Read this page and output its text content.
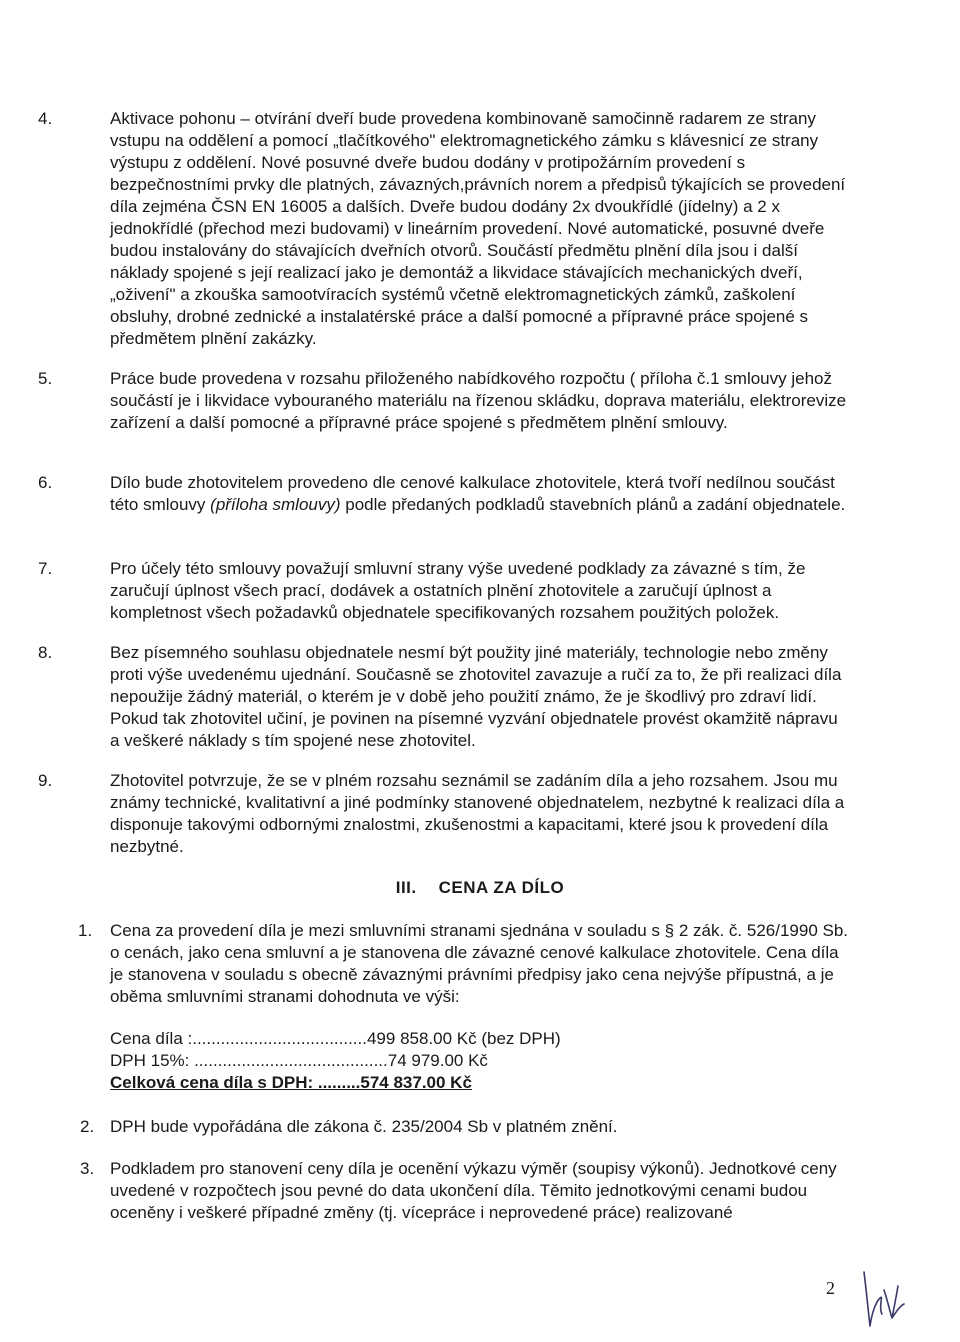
4.	Aktivace pohonu – otvírání dveří bude provedena kombinovaně samočinně radarem ze strany vstupu na oddělení a pomocí „tlačítkového" elektromagnetického zámku s klávesnicí ze strany výstupu z oddělení. Nové posuvné dveře budou dodány v protipožárním provedení s bezpečnostními prvky dle platných, závazných,právních norem a předpisů týkajících se provedení díla zejména ČSN EN 16005 a dalších. Dveře budou dodány 2x dvoukřídlé (jídelny) a 2 x jednokřídlé (přechod mezi budovami) v lineárním provedení. Nové automatické, posuvné dveře budou instalovány do stávajících dveřních otvorů. Součástí předmětu plnění díla jsou i další náklady spojené s její realizací jako je demontáž a likvidace stávajících mechanických dveří, „oživení" a zkouška samootvíracích systémů včetně elektromagnetických zámků, zaškolení obsluhy, drobné zednické a instalatérské práce a další pomocné a přípravné práce spojené s předmětem plnění zakázky.
5.	Práce bude provedena v rozsahu přiloženého nabídkového rozpočtu ( příloha č.1 smlouvy jehož součástí je i likvidace vybouraného materiálu na řízenou skládku, doprava materiálu, elektrorevize zařízení a další pomocné a přípravné práce spojené s předmětem plnění smlouvy.
6.	Dílo bude zhotovitelem provedeno dle cenové kalkulace zhotovitele, která tvoří nedílnou součást této smlouvy (příloha smlouvy) podle předaných podkladů stavebních plánů a zadání objednatele.
7.	Pro účely této smlouvy považují smluvní strany výše uvedené podklady za závazné s tím, že zaručují úplnost všech prací, dodávek a ostatních plnění zhotovitele a zaručují úplnost a kompletnost všech požadavků objednatele specifikovaných rozsahem použitých položek.
8.	Bez písemného souhlasu objednatele nesmí být použity jiné materiály, technologie nebo změny proti výše uvedenému ujednání. Současně se zhotovitel zavazuje a ručí za to, že při realizaci díla nepoužije žádný materiál, o kterém je v době jeho použití známo, že je škodlivý pro zdraví lidí. Pokud tak zhotovitel učiní, je povinen na písemné vyzvání objednatele provést okamžitě nápravu a veškeré náklady s tím spojené nese zhotovitel.
9.	Zhotovitel potvrzuje, že se v plném rozsahu seznámil se zadáním díla a jeho rozsahem. Jsou mu známy technické, kvalitativní a jiné podmínky stanovené objednatelem, nezbytné k realizaci díla a disponuje takovými odbornými znalostmi, zkušenostmi a kapacitami, které jsou k provedení díla nezbytné.
III. CENA ZA DÍLO
1. Cena za provedení díla je mezi smluvními stranami sjednána v souladu s § 2 zák. č. 526/1990 Sb. o cenách, jako cena smluvní a je stanovena dle závazné cenové kalkulace zhotovitele. Cena díla je stanovena v souladu s obecně závaznými právními předpisy jako cena nejvýše přípustná, a je oběma smluvními stranami dohodnuta ve výši:
Cena díla :.....................................499 858.00 Kč (bez DPH)
DPH 15%: .........................................74 979.00 Kč
Celková cena díla s DPH: .........574 837.00 Kč
2. DPH bude vypořádána dle zákona č. 235/2004 Sb v platném znění.
3. Podkladem pro stanovení ceny díla je ocenění výkazu výměr (soupisy výkonů). Jednotkové ceny uvedené v rozpočtech jsou pevné do data ukončení díla. Těmito jednotkovými cenami budou oceněny i veškeré případné změny (tj. vícepráce i neprovedené práce) realizované
2
